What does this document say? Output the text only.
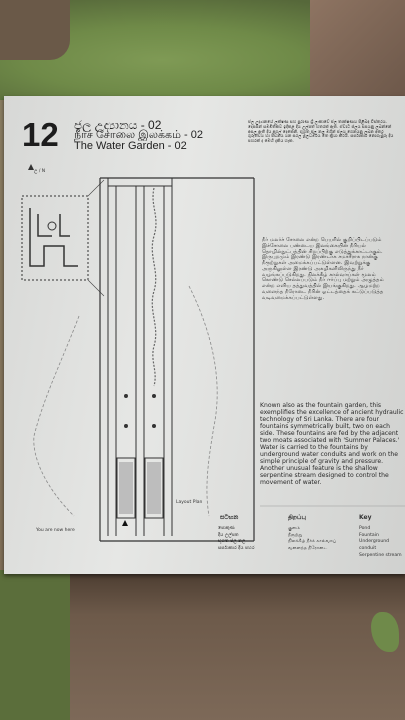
12 ජල උද්‍යානය - 02
நீர்ச் சோலை இலக்கம் - 02
The Water Garden - 02
ජල උද්‍යානයේ ලක්ෂණ සහ පුරාණ ශ්‍රී ලංකාවේ ජල තාක්ෂණය පිළිබඳ විස්තරය. දෙපසින් සමමිතිකව ඉදිකළ දිය උල්පත් හතරක් ඇත. ඒවාට ජලය සපයනු ලබන්නේ අසල ඇති දිය අගල් දෙකෙනි. භූගත ජල නල මගින් ජලය ගෙනයනු ලබන අතර ගුරුත්වය හා පීඩනය යන සරල මූලධර්මය මත ක්‍රියා කරයි. සර්පාකාර නොගැඹුරු දිය පහරක් ද මෙහි දැකිය හැක.
நீர் மலர்ச் சோலை என்ற பெயரில் குறிப்பிடப்படும் இச்சோலை பண்டைய இலங்கையின் நீரியல் தொழில்நுட்பத்தின் சிறப்பிற்கு எடுத்துக்காட்டாகும். இருபுறமும் இரண்டு இரண்டாக சமச்சீராக நான்கு நீரூற்றுகள் அமைக்கப்பட்டுள்ளன. இவற்றுக்கு அருகிலுள்ள இரண்டு அகழிகளிலிருந்து நீர் வழங்கப்படுகிறது. நிலக்கீழ் கால்வாய்கள் மூலம் கொண்டு செல்லப்படும் நீர் ஈர்ப்பு மற்றும் அழுத்தம் என்ற எளிய தத்துவத்தில் இயங்குகிறது. ஆழமற்ற வளைந்த நீரோடை நீரின் ஓட்டத்தைக் கட்டுப்படுத்த வடிவமைக்கப்பட்டுள்ளது.
Known also as the fountain garden, this exemplifies the excellence of ancient hydraulic technology of Sri Lanka. There are four fountains symmetrically built, two on each side. These fountains are fed by the adjacent two moats associated with 'Summer Palaces.' Water is carried to the fountains by underground water conduits and work on the simple principle of gravity and pressure. Another unusual feature is the shallow serpentine stream designed to control the movement of water.
උ / N
You are now here
Layout Plan
සටහන	திறப்பு	Key
පොකුණ
දිය උල්පත
භූගත ජල නල
සර්පාකාර දිය පහර
குளம்
நீரூற்று
நிலக்கீழ் நீர்க் கால்வாய்
வளைந்த நீரோடை
Pond
Fountain
Underground conduit
Serpentine stream
